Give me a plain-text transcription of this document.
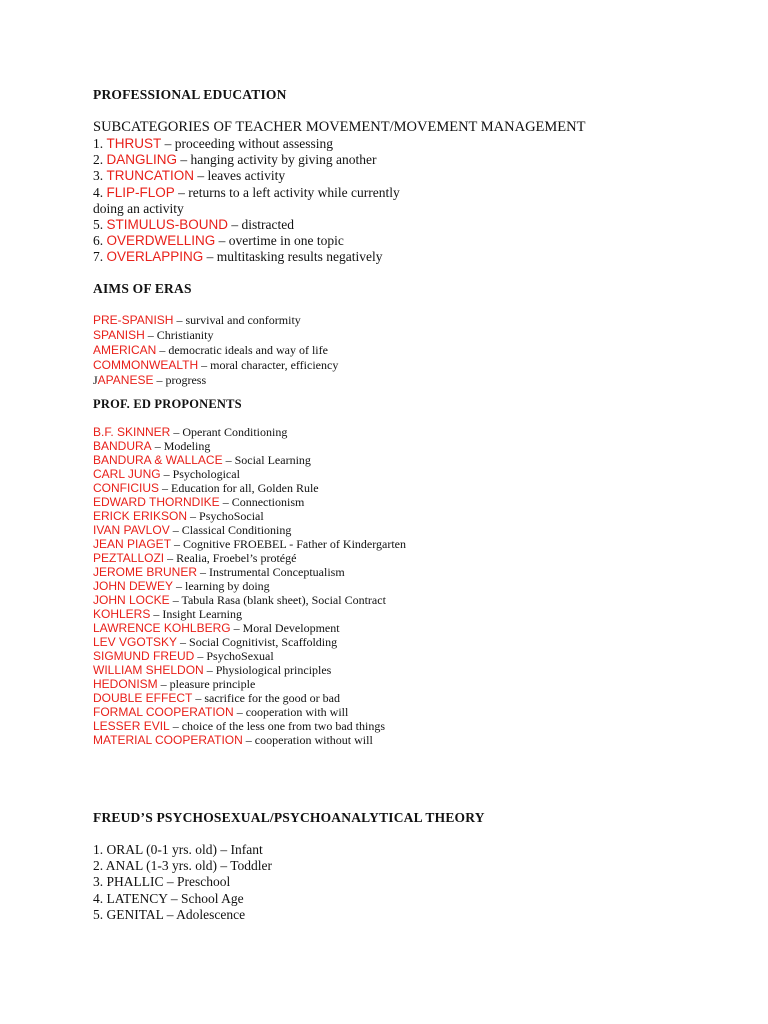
PROFESSIONAL EDUCATION
SUBCATEGORIES OF TEACHER MOVEMENT/MOVEMENT MANAGEMENT
1. THRUST – proceeding without assessing
2. DANGLING – hanging activity by giving another
3. TRUNCATION – leaves activity
4. FLIP-FLOP – returns to a left activity while currently
doing an activity
5. STIMULUS-BOUND – distracted
6. OVERDWELLING – overtime in one topic
7. OVERLAPPING – multitasking results negatively
AIMS OF ERAS
PRE-SPANISH – survival and conformity
SPANISH – Christianity
AMERICAN – democratic ideals and way of life
COMMONWEALTH – moral character, efficiency
JAPANESE – progress
PROF. ED PROPONENTS
B.F. SKINNER – Operant Conditioning
BANDURA – Modeling
BANDURA & WALLACE – Social Learning
CARL JUNG – Psychological
CONFICIUS – Education for all, Golden Rule
EDWARD THORNDIKE – Connectionism
ERICK ERIKSON – PsychoSocial
IVAN PAVLOV – Classical Conditioning
JEAN PIAGET – Cognitive FROEBEL - Father of Kindergarten
PEZTALLOZI – Realia, Froebel’s protégé
JEROME BRUNER – Instrumental Conceptualism
JOHN DEWEY – learning by doing
JOHN LOCKE – Tabula Rasa (blank sheet), Social Contract
KOHLERS – Insight Learning
LAWRENCE KOHLBERG – Moral Development
LEV VGOTSKY – Social Cognitivist, Scaffolding
SIGMUND FREUD – PsychoSexual
WILLIAM SHELDON – Physiological principles
HEDONISM – pleasure principle
DOUBLE EFFECT – sacrifice for the good or bad
FORMAL COOPERATION – cooperation with will
LESSER EVIL – choice of the less one from two bad things
MATERIAL COOPERATION – cooperation without will
FREUD’S PSYCHOSEXUAL/PSYCHOANALYTICAL THEORY
1. ORAL (0-1 yrs. old) – Infant
2. ANAL (1-3 yrs. old) – Toddler
3. PHALLIC – Preschool
4. LATENCY – School Age
5. GENITAL – Adolescence
